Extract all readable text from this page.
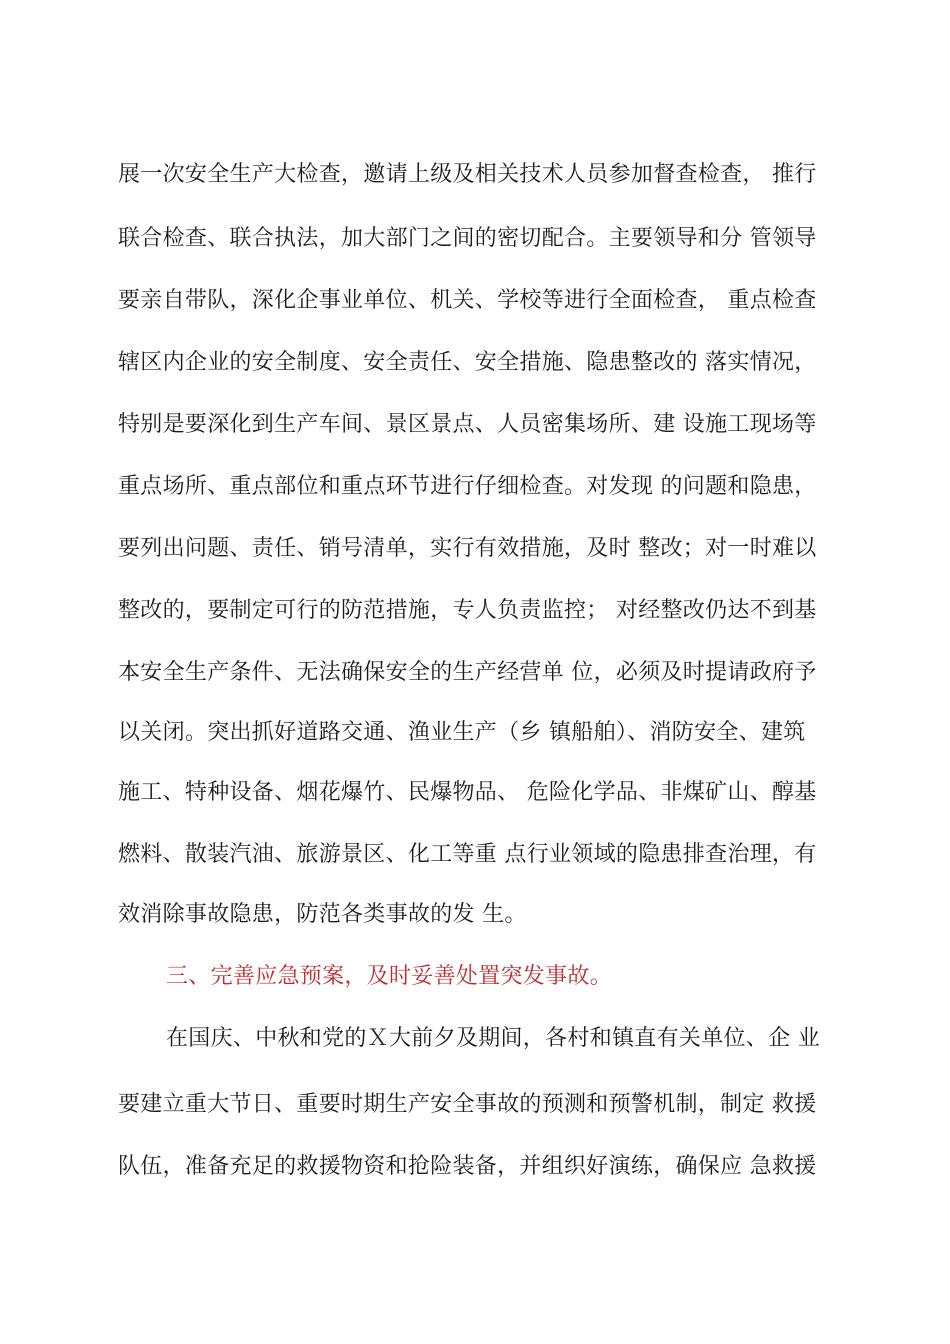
展一次安全生产大检查，邀请上级及相关技术人员参加督查检查， 推行
联合检查、联合执法，加大部门之间的密切配合。主要领导和分 管领导
要亲自带队，深化企事业单位、机关、学校等进行全面检查， 重点检查
辖区内企业的安全制度、安全责任、安全措施、隐患整改的 落实情况，
特别是要深化到生产车间、景区景点、人员密集场所、建 设施工现场等
重点场所、重点部位和重点环节进行仔细检查。对发现 的问题和隐患，
要列出问题、责任、销号清单，实行有效措施，及时 整改；对一时难以
整改的，要制定可行的防范措施，专人负责监控； 对经整改仍达不到基
本安全生产条件、无法确保安全的生产经营单 位，必须及时提请政府予
以关闭。突出抓好道路交通、渔业生产（乡 镇船舶）、消防安全、建筑
施工、特种设备、烟花爆竹、民爆物品、 危险化学品、非煤矿山、醇基
燃料、散装汽油、旅游景区、化工等重 点行业领域的隐患排查治理，有
效消除事故隐患，防范各类事故的发 生。
三、完善应急预案，及时妥善处置突发事故。
在国庆、中秋和党的Ｘ大前夕及期间，各村和镇直有关单位、企 业
要建立重大节日、重要时期生产安全事故的预测和预警机制，制定 救援
队伍，准备充足的救援物资和抢险装备，并组织好演练，确保应 急救援
